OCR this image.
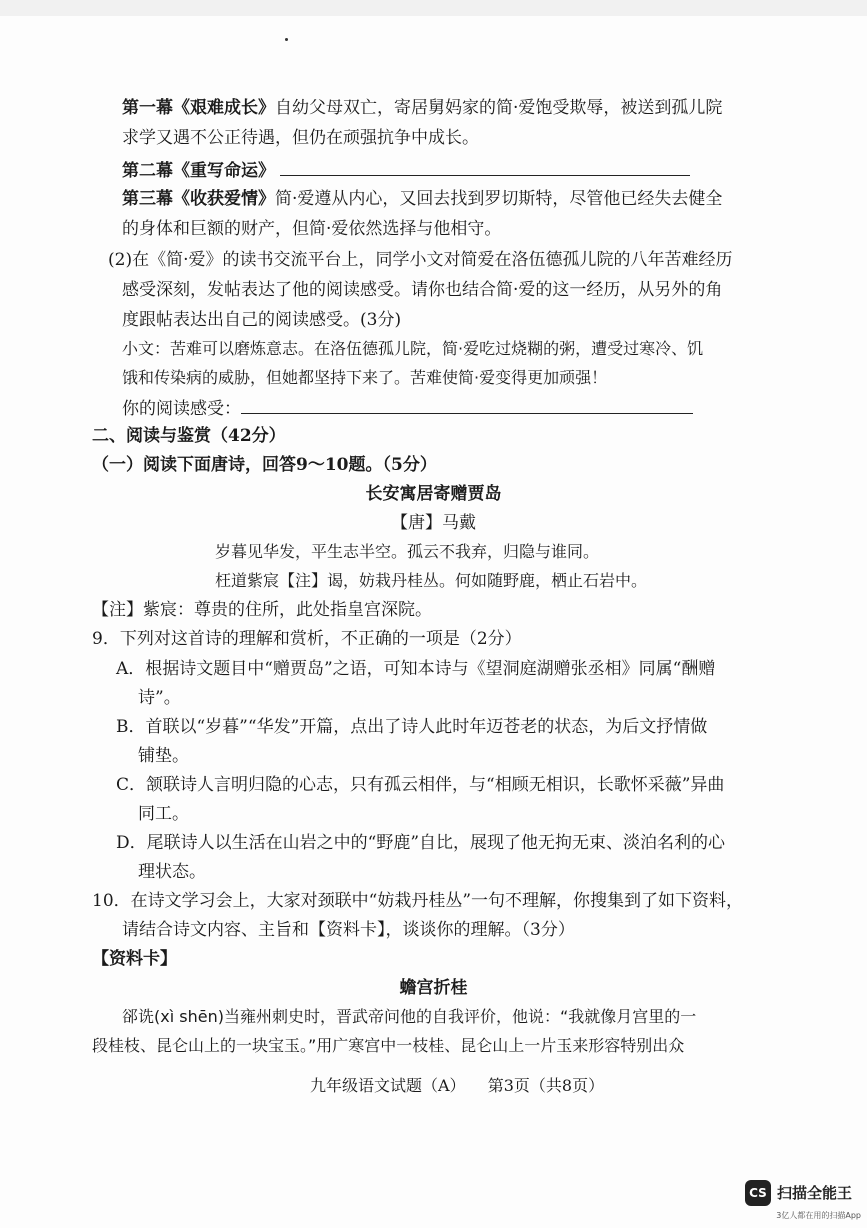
第一幕《艰难成长》自幼父母双亡，寄居舅妈家的简·爱饱受欺辱，被送到孤儿院
求学又遇不公正待遇，但仍在顽强抗争中成长。
第二幕《重写命运》
第三幕《收获爱情》简·爱遵从内心，又回去找到罗切斯特，尽管他已经失去健全
的身体和巨额的财产，但简·爱依然选择与他相守。
(2)在《简·爱》的读书交流平台上，同学小文对简爱在洛伍德孤儿院的八年苦难经历
感受深刻，发帖表达了他的阅读感受。请你也结合简·爱的这一经历，从另外的角
度跟帖表达出自己的阅读感受。(3分)
小文：苦难可以磨炼意志。在洛伍德孤儿院，简·爱吃过烧糊的粥，遭受过寒冷、饥
饿和传染病的威胁，但她都坚持下来了。苦难使简·爱变得更加顽强！
你的阅读感受：
二、阅读与鉴赏（42分）
（一）阅读下面唐诗，回答9～10题。（5分）
长安寓居寄赠贾岛
【唐】马戴
岁暮见华发，平生志半空。孤云不我弃，归隐与谁同。
枉道紫宸【注】谒，妨栽丹桂丛。何如随野鹿，栖止石岩中。
【注】紫宸：尊贵的住所，此处指皇宫深院。
9．下列对这首诗的理解和赏析，不正确的一项是（2分）
A．根据诗文题目中“赠贾岛”之语，可知本诗与《望洞庭湖赠张丞相》同属“酬赠
诗”。
B．首联以“岁暮”“华发”开篇，点出了诗人此时年迈苍老的状态，为后文抒情做
铺垫。
C．颔联诗人言明归隐的心志，只有孤云相伴，与“相顾无相识，长歌怀采薇”异曲
同工。
D．尾联诗人以生活在山岩之中的“野鹿”自比，展现了他无拘无束、淡泊名利的心
理状态。
10．在诗文学习会上，大家对颈联中“妨栽丹桂丛”一句不理解，你搜集到了如下资料，
请结合诗文内容、主旨和【资料卡】，谈谈你的理解。（3分）
【资料卡】
蟾宫折桂
郤诜(xì shēn)当雍州刺史时，晋武帝问他的自我评价，他说：“我就像月宫里的一
段桂枝、昆仑山上的一块宝玉。”用广寒宫中一枝桂、昆仑山上一片玉来形容特别出众
九年级语文试题（A） 第3页（共8页）
CS 扫描全能王
3亿人都在用的扫描App
